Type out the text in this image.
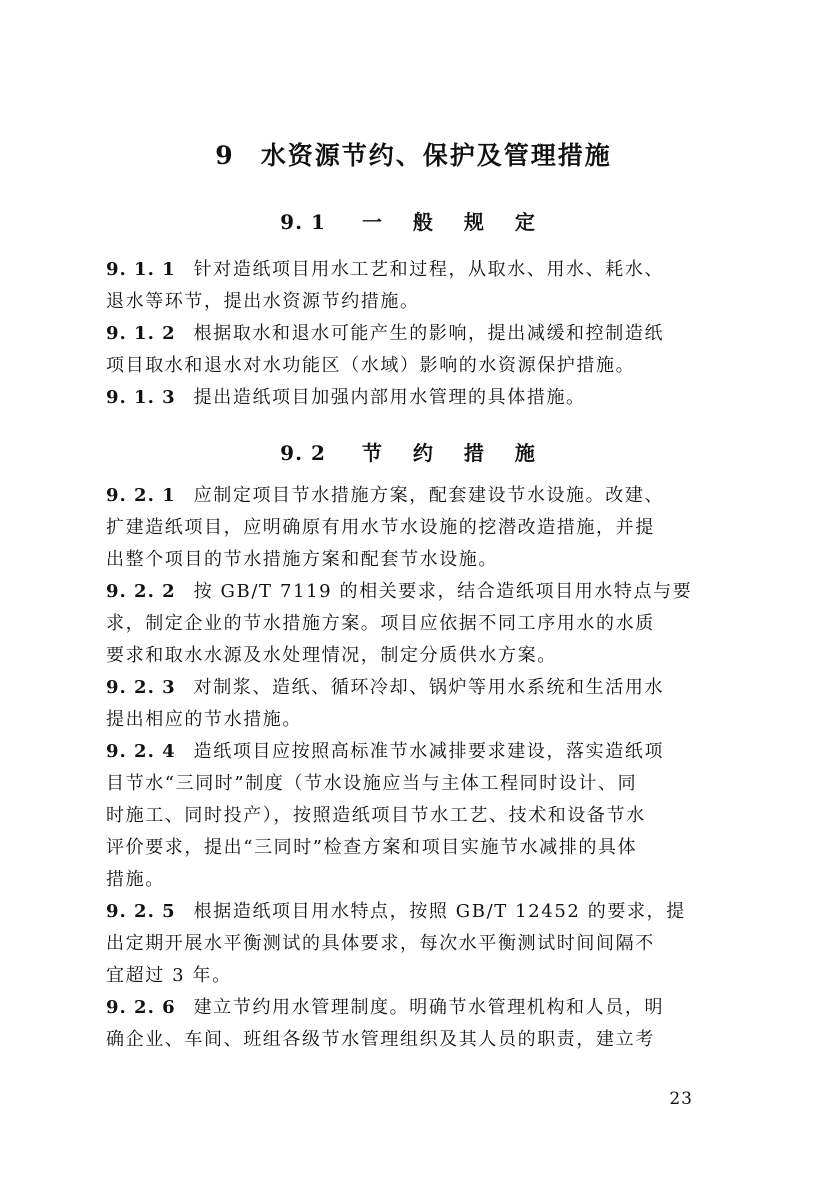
9 水资源节约、保护及管理措施
9. 1 一 般 规 定
9. 1. 1 针对造纸项目用水工艺和过程，从取水、用水、耗水、
退水等环节，提出水资源节约措施。
9. 1. 2 根据取水和退水可能产生的影响，提出减缓和控制造纸
项目取水和退水对水功能区（水域）影响的水资源保护措施。
9. 1. 3 提出造纸项目加强内部用水管理的具体措施。
9. 2 节 约 措 施
9. 2. 1 应制定项目节水措施方案，配套建设节水设施。改建、
扩建造纸项目，应明确原有用水节水设施的挖潜改造措施，并提
出整个项目的节水措施方案和配套节水设施。
9. 2. 2 按 GB/T 7119 的相关要求，结合造纸项目用水特点与要
求，制定企业的节水措施方案。项目应依据不同工序用水的水质
要求和取水水源及水处理情况，制定分质供水方案。
9. 2. 3 对制浆、造纸、循环冷却、锅炉等用水系统和生活用水
提出相应的节水措施。
9. 2. 4 造纸项目应按照高标准节水减排要求建设，落实造纸项
目节水“三同时”制度（节水设施应当与主体工程同时设计、同
时施工、同时投产），按照造纸项目节水工艺、技术和设备节水
评价要求，提出“三同时”检查方案和项目实施节水减排的具体
措施。
9. 2. 5 根据造纸项目用水特点，按照 GB/T 12452 的要求，提
出定期开展水平衡测试的具体要求，每次水平衡测试时间间隔不
宜超过 3 年。
9. 2. 6 建立节约用水管理制度。明确节水管理机构和人员，明
确企业、车间、班组各级节水管理组织及其人员的职责，建立考
23
